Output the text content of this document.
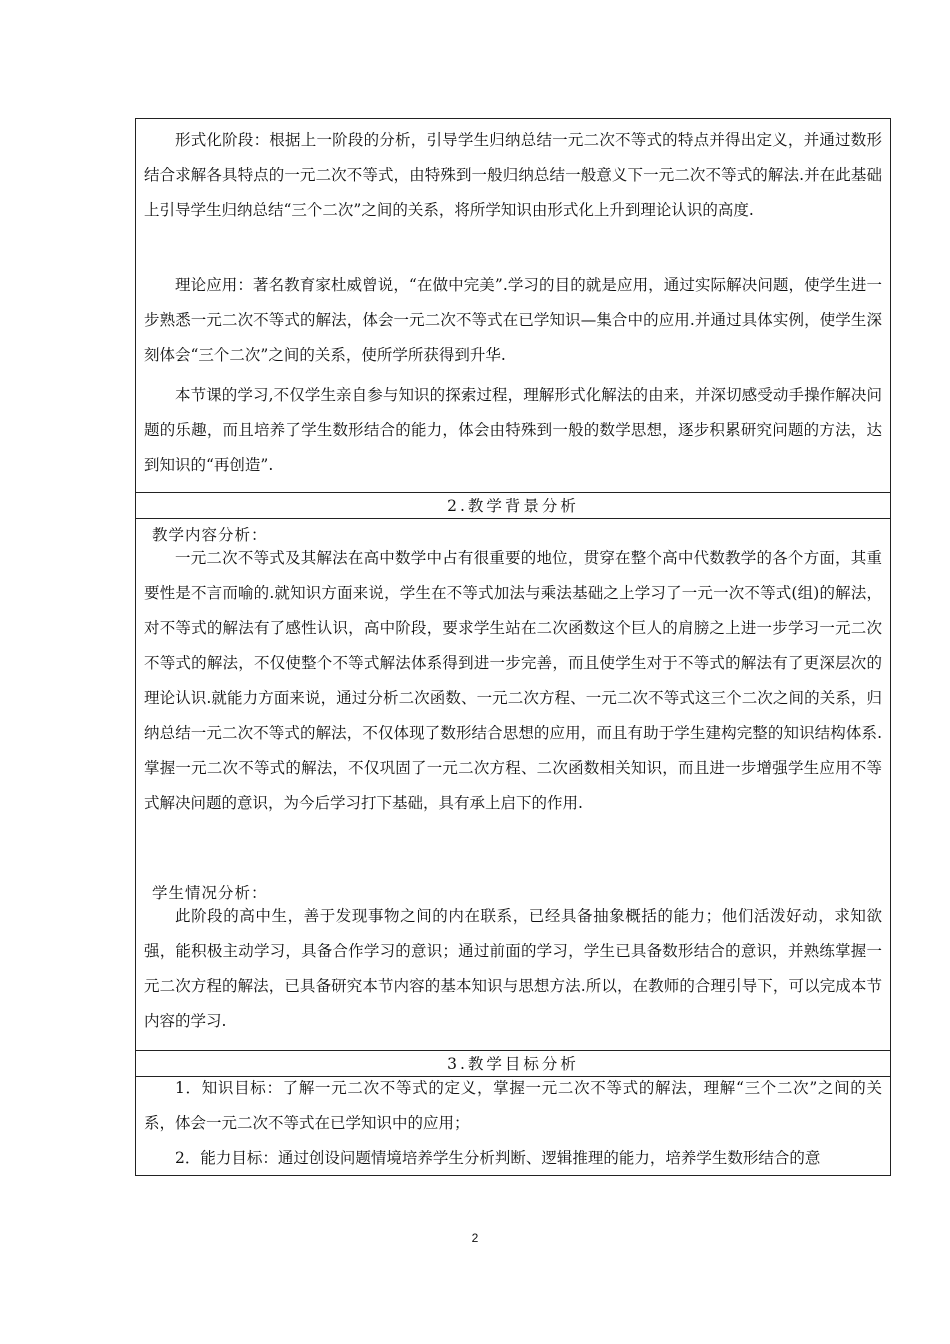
形式化阶段：根据上一阶段的分析，引导学生归纳总结一元二次不等式的特点并得出定义，并通过数形结合求解各具特点的一元二次不等式，由特殊到一般归纳总结一般意义下一元二次不等式的解法.并在此基础上引导学生归纳总结“三个二次”之间的关系，将所学知识由形式化上升到理论认识的高度.

理论应用：著名教育家杜威曾说，“在做中完美”.学习的目的就是应用，通过实际解决问题，使学生进一步熟悉一元二次不等式的解法，体会一元二次不等式在已学知识—集合中的应用.并通过具体实例，使学生深刻体会“三个二次”之间的关系，使所学所获得到升华.

本节课的学习,不仅学生亲自参与知识的探索过程，理解形式化解法的由来，并深切感受动手操作解决问题的乐趣，而且培养了学生数形结合的能力，体会由特殊到一般的数学思想，逐步积累研究问题的方法，达到知识的“再创造”.

2.教学背景分析
教学内容分析：

一元二次不等式及其解法在高中数学中占有很重要的地位，贯穿在整个高中代数教学的各个方面，其重要性是不言而喻的.就知识方面来说，学生在不等式加法与乘法基础之上学习了一元一次不等式(组)的解法，对不等式的解法有了感性认识，高中阶段，要求学生站在二次函数这个巨人的肩膀之上进一步学习一元二次不等式的解法，不仅使整个不等式解法体系得到进一步完善，而且使学生对于不等式的解法有了更深层次的理论认识.就能力方面来说，通过分析二次函数、一元二次方程、一元二次不等式这三个二次之间的关系，归纳总结一元二次不等式的解法，不仅体现了数形结合思想的应用，而且有助于学生建构完整的知识结构体系.掌握一元二次不等式的解法，不仅巩固了一元二次方程、二次函数相关知识，而且进一步增强学生应用不等式解决问题的意识，为今后学习打下基础，具有承上启下的作用.

学生情况分析：

此阶段的高中生，善于发现事物之间的内在联系，已经具备抽象概括的能力；他们活泼好动，求知欲强，能积极主动学习，具备合作学习的意识；通过前面的学习，学生已具备数形结合的意识，并熟练掌握一元二次方程的解法，已具备研究本节内容的基本知识与思想方法.所以，在教师的合理引导下，可以完成本节内容的学习.

3.教学目标分析

1．知识目标：了解一元二次不等式的定义，掌握一元二次不等式的解法，理解“三个二次”之间的关系，体会一元二次不等式在已学知识中的应用；

2．能力目标：通过创设问题情境培养学生分析判断、逻辑推理的能力，培养学生数形结合的意

2
